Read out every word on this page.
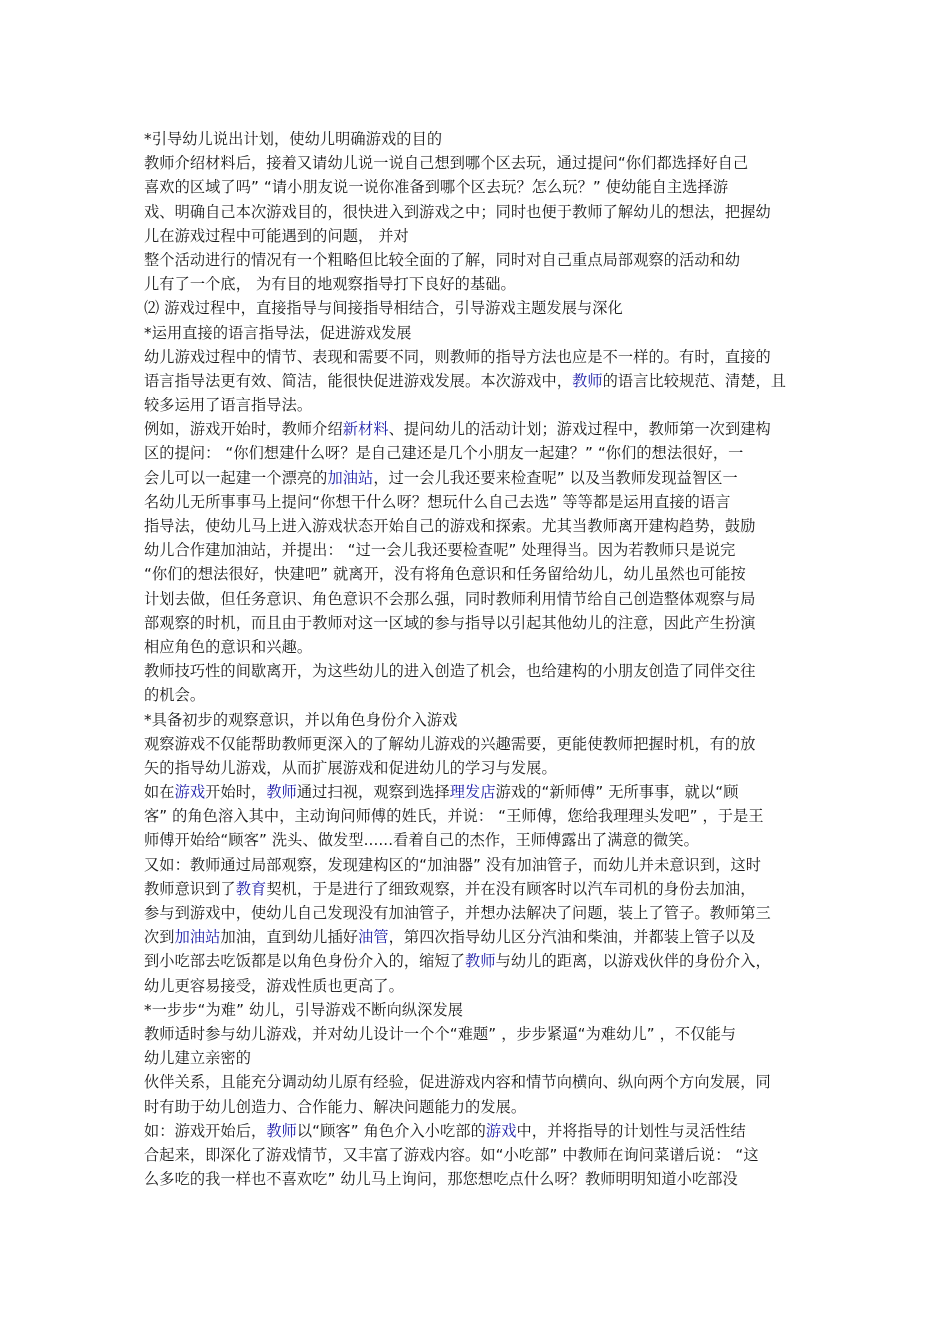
*引导幼儿说出计划，使幼儿明确游戏的目的
教师介绍材料后，接着又请幼儿说一说自己想到哪个区去玩，通过提问“你们都选择好自己
喜欢的区域了吗” “请小朋友说一说你准备到哪个区去玩？怎么玩？” 使幼能自主选择游
戏、明确自己本次游戏目的，很快进入到游戏之中；同时也便于教师了解幼儿的想法，把握幼
儿在游戏过程中可能遇到的问题， 并对
整个活动进行的情况有一个粗略但比较全面的了解，同时对自己重点局部观察的活动和幼
儿有了一个底， 为有目的地观察指导打下良好的基础。
⑵ 游戏过程中，直接指导与间接指导相结合，引导游戏主题发展与深化
*运用直接的语言指导法，促进游戏发展
幼儿游戏过程中的情节、表现和需要不同，则教师的指导方法也应是不一样的。有时，直接的
语言指导法更有效、简洁，能很快促进游戏发展。本次游戏中，教师的语言比较规范、清楚，且
较多运用了语言指导法。
例如，游戏开始时，教师介绍新材料、提问幼儿的活动计划；游戏过程中，教师第一次到建构
区的提问： “你们想建什么呀？是自己建还是几个小朋友一起建？” “你们的想法很好，一
会儿可以一起建一个漂亮的加油站，过一会儿我还要来检查呢” 以及当教师发现益智区一
名幼儿无所事事马上提问“你想干什么呀？想玩什么自己去选” 等等都是运用直接的语言
指导法，使幼儿马上进入游戏状态开始自己的游戏和探索。尤其当教师离开建构趋势，鼓励
幼儿合作建加油站，并提出： “过一会儿我还要检查呢” 处理得当。因为若教师只是说完
“你们的想法很好，快建吧” 就离开，没有将角色意识和任务留给幼儿，幼儿虽然也可能按
计划去做，但任务意识、角色意识不会那么强，同时教师利用情节给自己创造整体观察与局
部观察的时机，而且由于教师对这一区域的参与指导以引起其他幼儿的注意，因此产生扮演
相应角色的意识和兴趣。
教师技巧性的间歇离开，为这些幼儿的进入创造了机会，也给建构的小朋友创造了同伴交往
的机会。
*具备初步的观察意识，并以角色身份介入游戏
观察游戏不仅能帮助教师更深入的了解幼儿游戏的兴趣需要，更能使教师把握时机，有的放
矢的指导幼儿游戏，从而扩展游戏和促进幼儿的学习与发展。
如在游戏开始时，教师通过扫视，观察到选择理发店游戏的“新师傅” 无所事事，就以“顾
客” 的角色溶入其中，主动询问师傅的姓氏，并说： “王师傅，您给我理理头发吧” ，于是王
师傅开始给“顾客” 洗头、做发型......看着自己的杰作，王师傅露出了满意的微笑。
又如：教师通过局部观察，发现建构区的“加油器” 没有加油管子，而幼儿并未意识到，这时
教师意识到了教育契机，于是进行了细致观察，并在没有顾客时以汽车司机的身份去加油，
参与到游戏中，使幼儿自己发现没有加油管子，并想办法解决了问题，装上了管子。教师第三
次到加油站加油，直到幼儿插好油管，第四次指导幼儿区分汽油和柴油，并都装上管子以及
到小吃部去吃饭都是以角色身份介入的，缩短了教师与幼儿的距离，以游戏伙伴的身份介入，
幼儿更容易接受，游戏性质也更高了。
*一步步“为难” 幼儿，引导游戏不断向纵深发展
教师适时参与幼儿游戏，并对幼儿设计一个个“难题” ，步步紧逼“为难幼儿” ，不仅能与
幼儿建立亲密的
伙伴关系，且能充分调动幼儿原有经验，促进游戏内容和情节向横向、纵向两个方向发展，同
时有助于幼儿创造力、合作能力、解决问题能力的发展。
如：游戏开始后，教师以“顾客” 角色介入小吃部的游戏中，并将指导的计划性与灵活性结
合起来，即深化了游戏情节，又丰富了游戏内容。如“小吃部” 中教师在询问菜谱后说： “这
么多吃的我一样也不喜欢吃” 幼儿马上询问，那您想吃点什么呀？教师明明知道小吃部没
